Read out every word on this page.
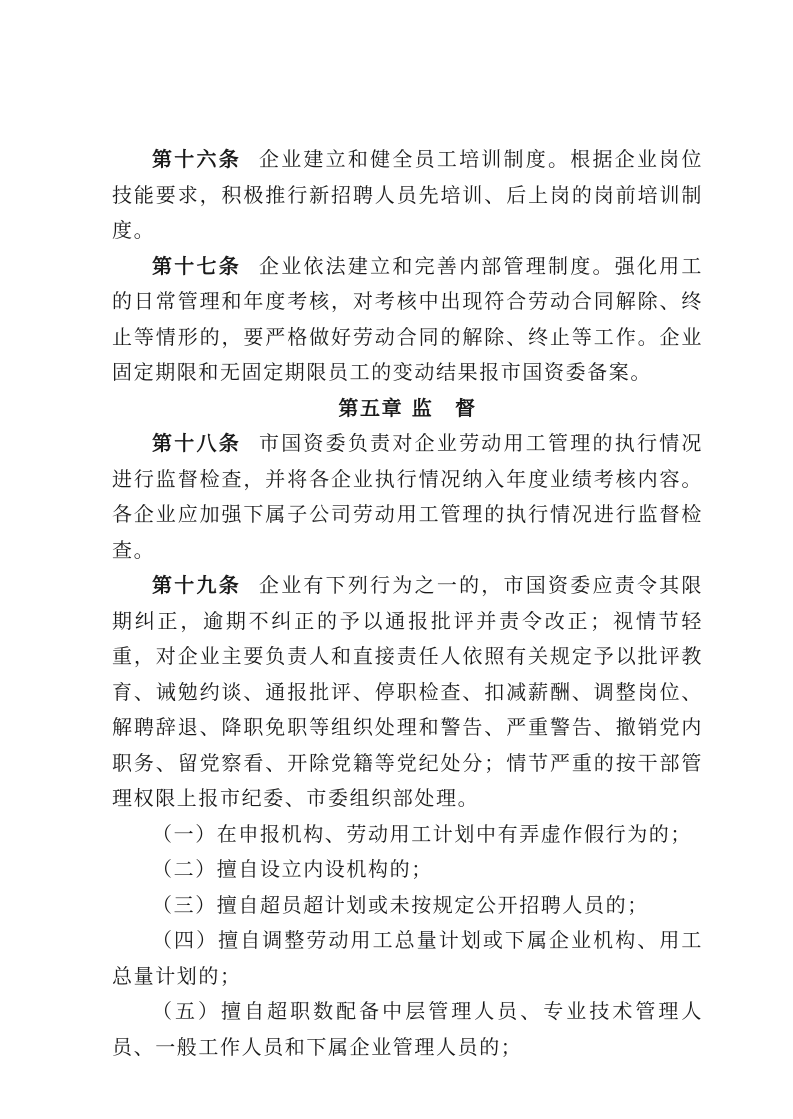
第十六条 企业建立和健全员工培训制度。根据企业岗位技能要求，积极推行新招聘人员先培训、后上岗的岗前培训制度。

第十七条 企业依法建立和完善内部管理制度。强化用工的日常管理和年度考核，对考核中出现符合劳动合同解除、终止等情形的，要严格做好劳动合同的解除、终止等工作。企业固定期限和无固定期限员工的变动结果报市国资委备案。

第五章 监　督

第十八条 市国资委负责对企业劳动用工管理的执行情况进行监督检查，并将各企业执行情况纳入年度业绩考核内容。各企业应加强下属子公司劳动用工管理的执行情况进行监督检查。

第十九条 企业有下列行为之一的，市国资委应责令其限期纠正，逾期不纠正的予以通报批评并责令改正；视情节轻重，对企业主要负责人和直接责任人依照有关规定予以批评教育、诫勉约谈、通报批评、停职检查、扣减薪酬、调整岗位、解聘辞退、降职免职等组织处理和警告、严重警告、撤销党内职务、留党察看、开除党籍等党纪处分；情节严重的按干部管理权限上报市纪委、市委组织部处理。

（一）在申报机构、劳动用工计划中有弄虚作假行为的；

（二）擅自设立内设机构的；

（三）擅自超员超计划或未按规定公开招聘人员的；

（四）擅自调整劳动用工总量计划或下属企业机构、用工总量计划的；

（五）擅自超职数配备中层管理人员、专业技术管理人员、一般工作人员和下属企业管理人员的；
